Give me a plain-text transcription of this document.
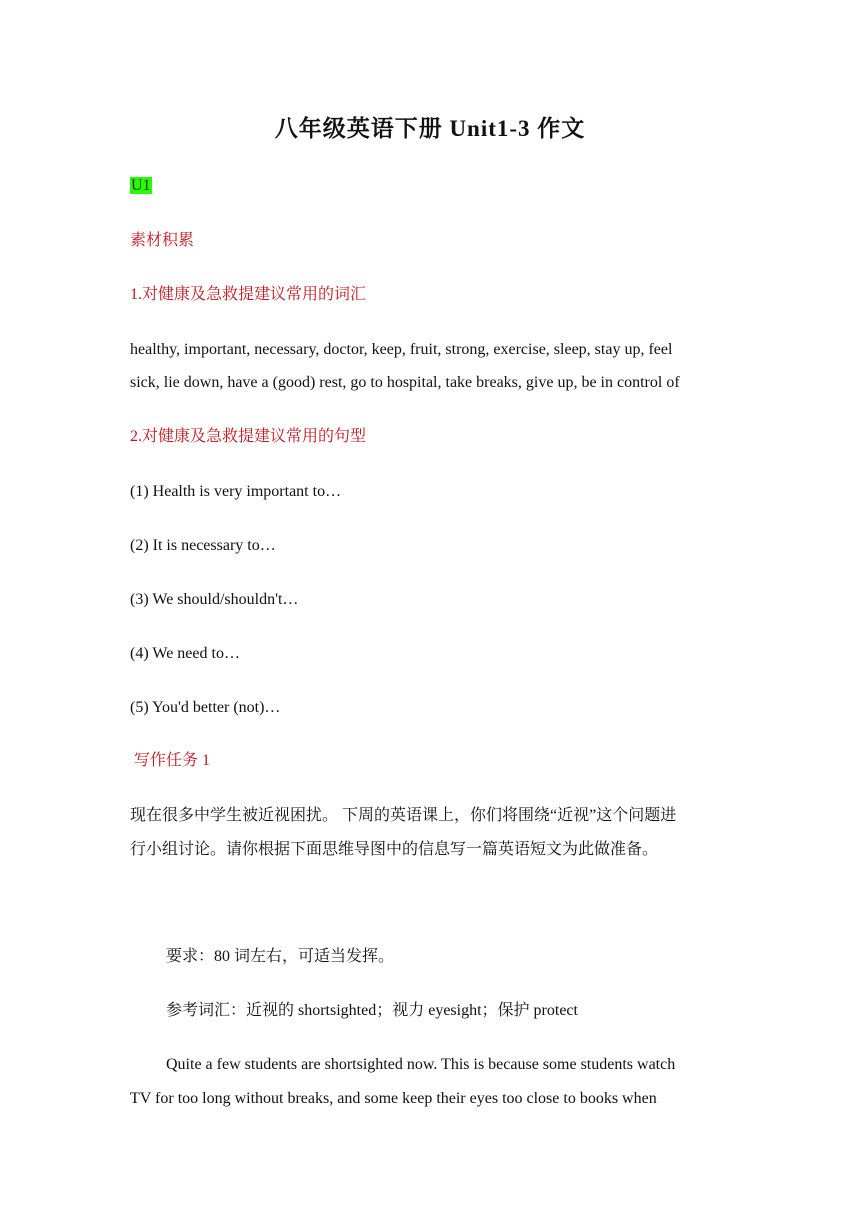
八年级英语下册 Unit1-3 作文
U1
素材积累
1.对健康及急救提建议常用的词汇
healthy, important, necessary, doctor, keep, fruit, strong, exercise, sleep, stay up, feel
sick, lie down, have a (good) rest, go to hospital, take breaks, give up, be in control of
2.对健康及急救提建议常用的句型
(1) Health is very important to…
(2) It is necessary to…
(3) We should/shouldn't…
(4) We need to…
(5) You'd better (not)…
写作任务 1
现在很多中学生被近视困扰。 下周的英语课上，你们将围绕“近视”这个问题进
行小组讨论。请你根据下面思维导图中的信息写一篇英语短文为此做准备。
要求：80 词左右，可适当发挥。
参考词汇：近视的 shortsighted；视力 eyesight；保护 protect
Quite a few students are shortsighted now. This is because some students watch
TV for too long without breaks, and some keep their eyes too close to books when
